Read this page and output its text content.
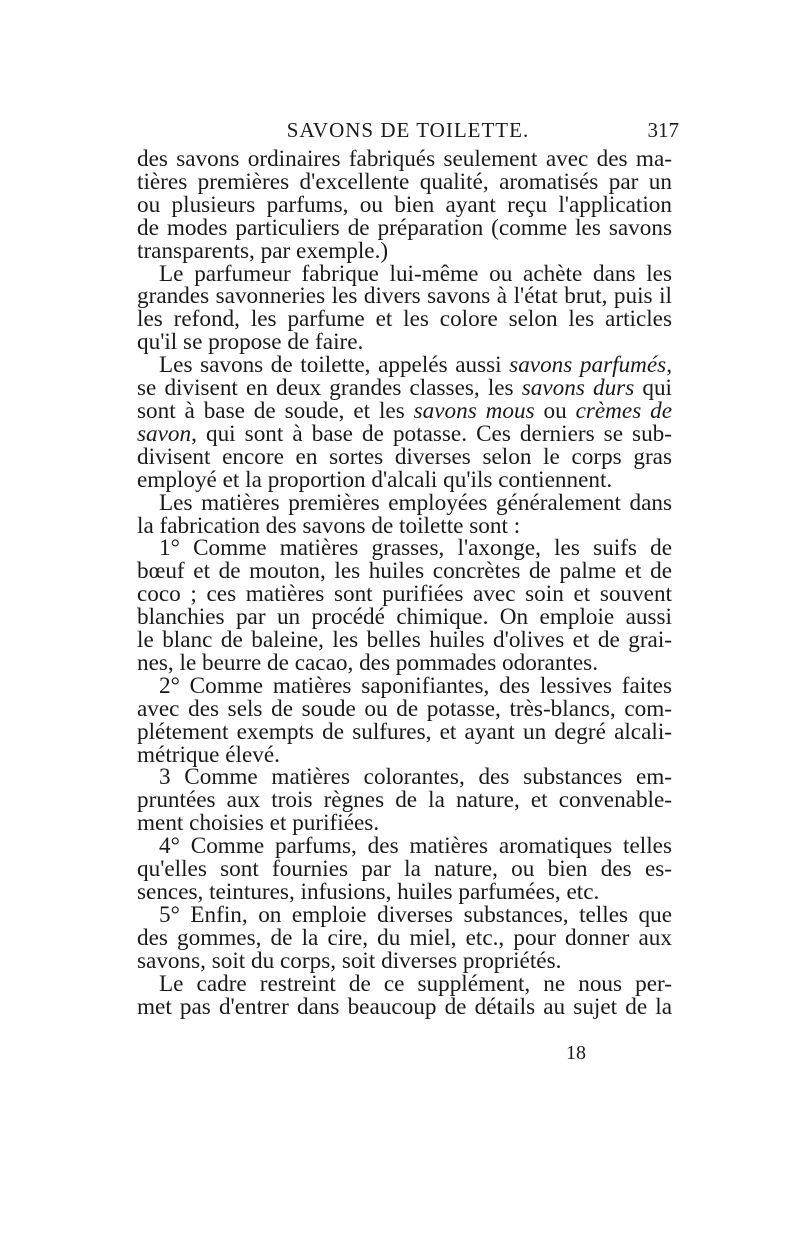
SAVONS DE TOILETTE.	317
des savons ordinaires fabriqués seulement avec des ma-
tières premières d'excellente qualité, aromatisés par un
ou plusieurs parfums, ou bien ayant reçu l'application
de modes particuliers de préparation (comme les savons
transparents, par exemple.)
Le parfumeur fabrique lui-même ou achète dans les
grandes savonneries les divers savons à l'état brut, puis il
les refond, les parfume et les colore selon les articles
qu'il se propose de faire.
Les savons de toilette, appelés aussi savons parfumés,
se divisent en deux grandes classes, les savons durs qui
sont à base de soude, et les savons mous ou crèmes de
savon, qui sont à base de potasse. Ces derniers se sub-
divisent encore en sortes diverses selon le corps gras
employé et la proportion d'alcali qu'ils contiennent.
Les matières premières employées généralement dans
la fabrication des savons de toilette sont :
1° Comme matières grasses, l'axonge, les suifs de
bœuf et de mouton, les huiles concrètes de palme et de
coco ; ces matières sont purifiées avec soin et souvent
blanchies par un procédé chimique. On emploie aussi
le blanc de baleine, les belles huiles d'olives et de grai-
nes, le beurre de cacao, des pommades odorantes.
2° Comme matières saponifiantes, des lessives faites
avec des sels de soude ou de potasse, très-blancs, com-
plétement exempts de sulfures, et ayant un degré alcali-
métrique élevé.
3 Comme matières colorantes, des substances em-
pruntées aux trois règnes de la nature, et convenable-
ment choisies et purifiées.
4° Comme parfums, des matières aromatiques telles
qu'elles sont fournies par la nature, ou bien des es-
sences, teintures, infusions, huiles parfumées, etc.
5° Enfin, on emploie diverses substances, telles que
des gommes, de la cire, du miel, etc., pour donner aux
savons, soit du corps, soit diverses propriétés.
Le cadre restreint de ce supplément, ne nous per-
met pas d'entrer dans beaucoup de détails au sujet de la
18
